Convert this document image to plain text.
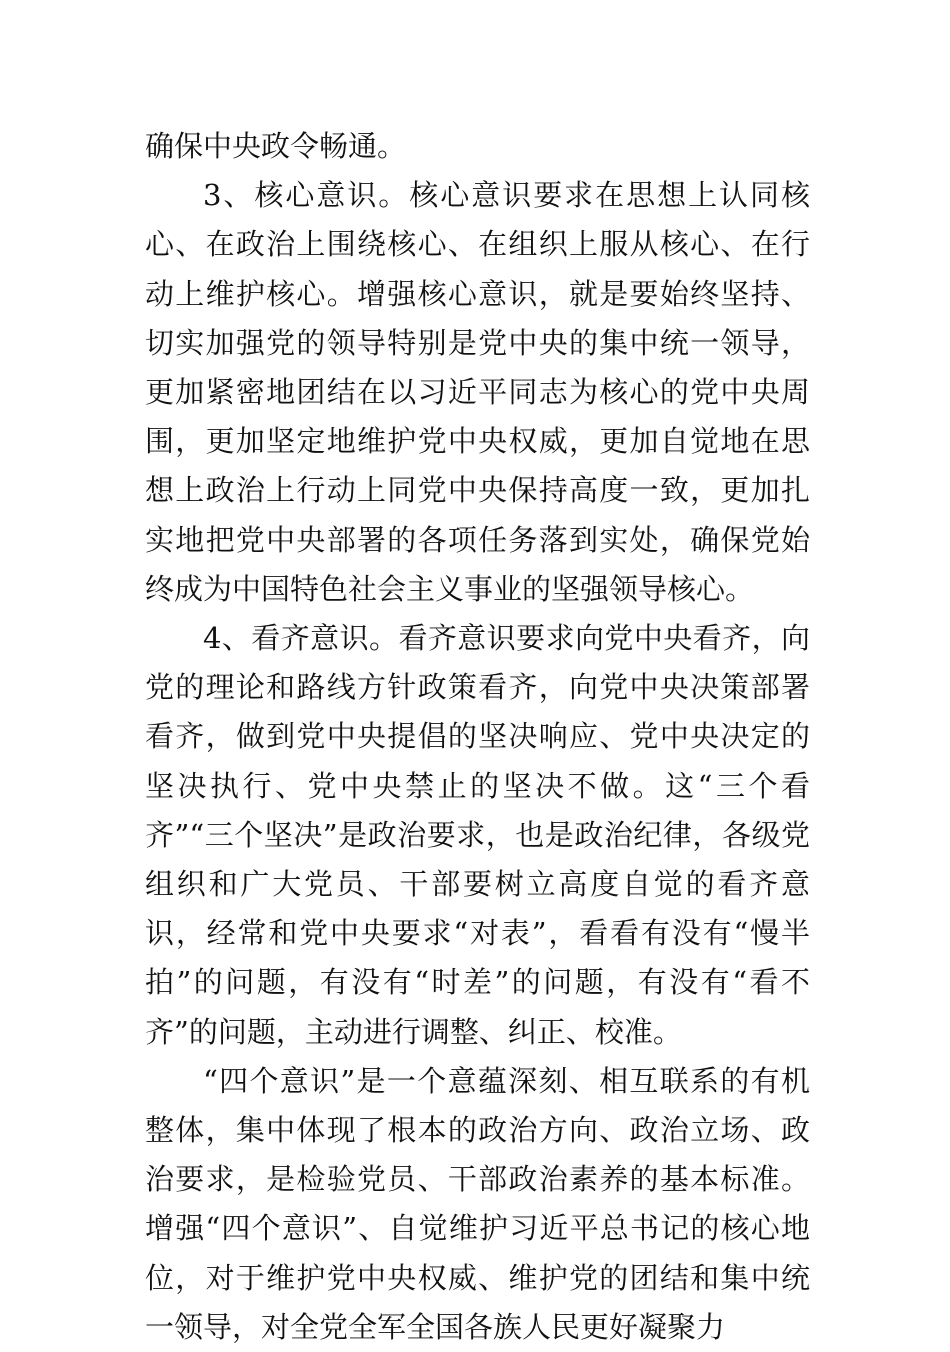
确保中央政令畅通。

3、核心意识。核心意识要求在思想上认同核心、在政治上围绕核心、在组织上服从核心、在行动上维护核心。增强核心意识，就是要始终坚持、切实加强党的领导特别是党中央的集中统一领导，更加紧密地团结在以习近平同志为核心的党中央周围，更加坚定地维护党中央权威，更加自觉地在思想上政治上行动上同党中央保持高度一致，更加扎实地把党中央部署的各项任务落到实处，确保党始终成为中国特色社会主义事业的坚强领导核心。

4、看齐意识。看齐意识要求向党中央看齐，向党的理论和路线方针政策看齐，向党中央决策部署看齐，做到党中央提倡的坚决响应、党中央决定的坚决执行、党中央禁止的坚决不做。这“三个看齐”“三个坚决”是政治要求，也是政治纪律，各级党组织和广大党员、干部要树立高度自觉的看齐意识，经常和党中央要求“对表”，看看有没有“慢半拍”的问题，有没有“时差”的问题，有没有“看不齐”的问题，主动进行调整、纠正、校准。

“四个意识”是一个意蕴深刻、相互联系的有机整体，集中体现了根本的政治方向、政治立场、政治要求，是检验党员、干部政治素养的基本标准。增强“四个意识”、自觉维护习近平总书记的核心地位，对于维护党中央权威、维护党的团结和集中统一领导，对全党全军全国各族人民更好凝聚力
